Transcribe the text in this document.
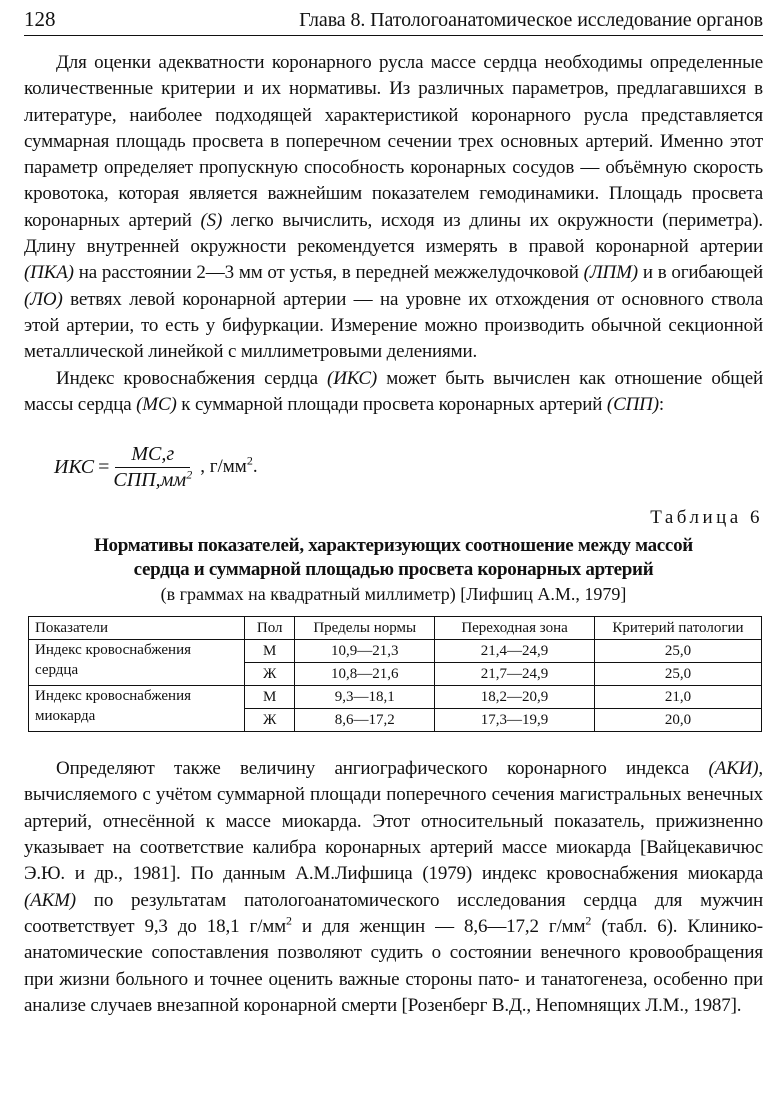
128	Глава 8. Патологоанатомическое исследование органов

Для оценки адекватности коронарного русла массе сердца необходимы определенные количественные критерии и их нормативы. Из различных параметров, предлагавшихся в литературе, наиболее подходящей характеристикой коронарного русла представляется суммарная площадь просвета в поперечном сечении трех основных артерий. Именно этот параметр определяет пропускную способность коронарных сосудов — объёмную скорость кровотока, которая является важнейшим показателем гемодинамики. Площадь просвета коронарных артерий (S) легко вычислить, исходя из длины их окружности (периметра). Длину внутренней окружности рекомендуется измерять в правой коронарной артерии (ПКА) на расстоянии 2—3 мм от устья, в передней межжелудочковой (ЛПМ) и в огибающей (ЛО) ветвях левой коронарной артерии — на уровне их отхождения от основного ствола этой артерии, то есть у бифуркации. Измерение можно производить обычной секционной металлической линейкой с миллиметровыми делениями.

Индекс кровоснабжения сердца (ИКС) может быть вычислен как отношение общей массы сердца (МС) к суммарной площади просвета коронарных артерий (СПП):

ИКС = $\frac{МС,г}{СПП,мм^2}$ , $г/мм^2$.
Таблица 6
Нормативы показателей, характеризующих соотношение между массой
сердца и суммарной площадью просвета коронарных артерий
(в граммах на квадратный миллиметр) [Лифшиц А.М., 1979]
Показатели	Пол	Пределы нормы	Переходная зона	Критерий патологии
Индекс кровоснабжения
сердца	М	10,9—21,3	21,4—24,9	25,0
	Ж	10,8—21,6	21,7—24,9	25,0
Индекс кровоснабжения
миокарда	М	9,3—18,1	18,2—20,9	21,0
	Ж	8,6—17,2	17,3—19,9	20,0

Определяют также величину ангиографического коронарного индекса (АКИ), вычисляемого с учётом суммарной площади поперечного сечения магистральных венечных артерий, отнесённой к массе миокарда. Этот относительный показатель, прижизненно указывает на соответствие калибра коронарных артерий массе миокарда [Вайцекавичюс Э.Ю. и др., 1981]. По данным А.М.Лифшица (1979) индекс кровоснабжения миокарда (АКМ) по результатам патологоанатомического исследования сердца для мужчин соответствует 9,3 до 18,1 $г/мм^2$ и для женщин — 8,6—17,2 $г/мм^2$ (табл. 6). Клинико-анатомические сопоставления позволяют судить о состоянии венечного кровообращения при жизни больного и точнее оценить важные стороны пато- и танатогенеза, особенно при анализе случаев внезапной коронарной смерти [Розенберг В.Д., Непомнящих Л.М., 1987].
